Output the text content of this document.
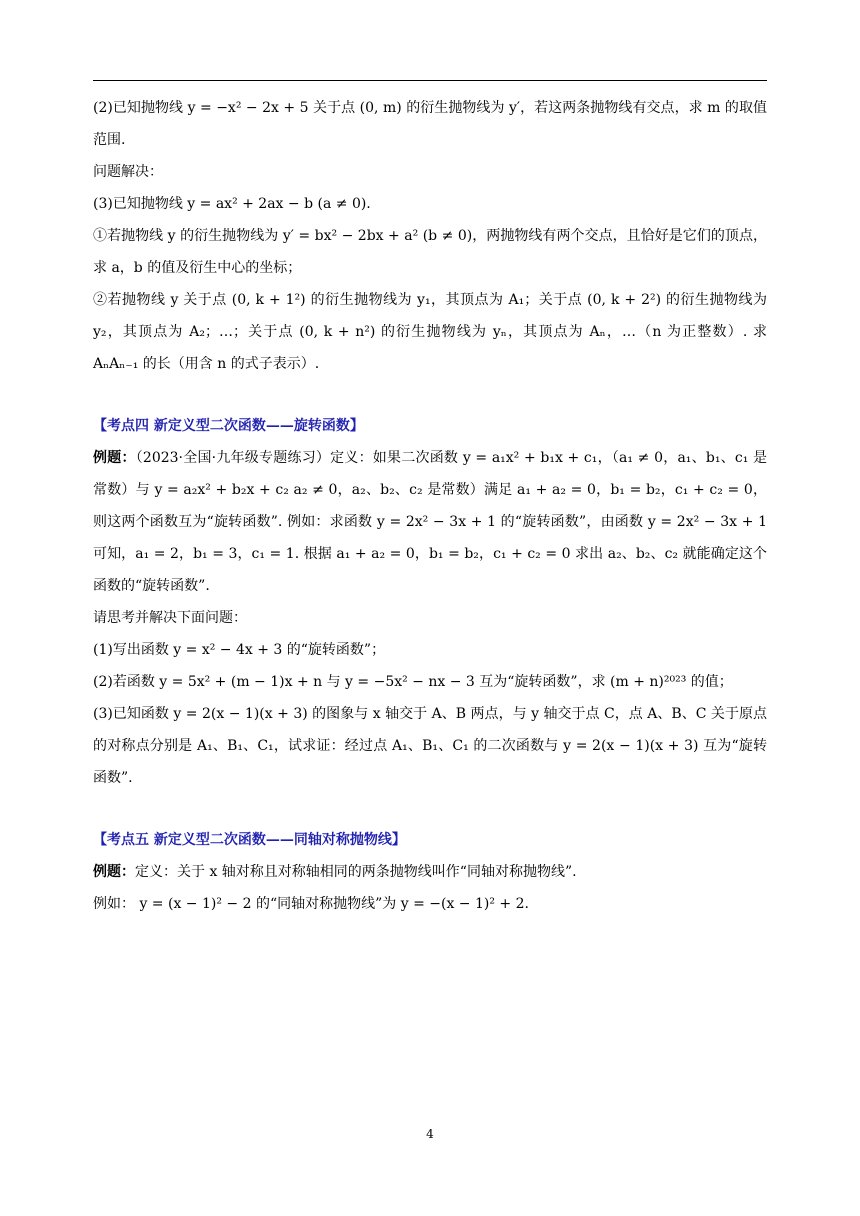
(2)已知抛物线 y = −x² − 2x + 5 关于点 (0, m) 的衍生抛物线为 y′，若这两条抛物线有交点，求 m 的取值范围.

问题解决：

(3)已知抛物线 y = ax² + 2ax − b (a ≠ 0).

①若抛物线 y 的衍生抛物线为 y′ = bx² − 2bx + a² (b ≠ 0)，两抛物线有两个交点，且恰好是它们的顶点，求 a，b 的值及衍生中心的坐标；

②若抛物线 y 关于点 (0, k + 1²) 的衍生抛物线为 y₁，其顶点为 A₁；关于点 (0, k + 2²) 的衍生抛物线为 y₂，其顶点为 A₂；…；关于点 (0, k + n²) 的衍生抛物线为 yₙ，其顶点为 Aₙ，…（n 为正整数）. 求 AₙAₙ₋₁ 的长（用含 n 的式子表示）.

【考点四 新定义型二次函数——旋转函数】

例题：（2023·全国·九年级专题练习）定义：如果二次函数 y = a₁x² + b₁x + c₁，（a₁ ≠ 0，a₁、b₁、c₁ 是常数）与 y = a₂x² + b₂x + c₂ a₂ ≠ 0，a₂、b₂、c₂ 是常数）满足 a₁ + a₂ = 0，b₁ = b₂，c₁ + c₂ = 0，则这两个函数互为“旋转函数”. 例如：求函数 y = 2x² − 3x + 1 的“旋转函数”，由函数 y = 2x² − 3x + 1 可知，a₁ = 2，b₁ = 3，c₁ = 1. 根据 a₁ + a₂ = 0，b₁ = b₂，c₁ + c₂ = 0 求出 a₂、b₂、c₂ 就能确定这个函数的“旋转函数”.

请思考并解决下面问题：

(1)写出函数 y = x² − 4x + 3 的“旋转函数”；

(2)若函数 y = 5x² + (m − 1)x + n 与 y = −5x² − nx − 3 互为“旋转函数”，求 (m + n)²⁰²³ 的值；

(3)已知函数 y = 2(x − 1)(x + 3) 的图象与 x 轴交于 A、B 两点，与 y 轴交于点 C，点 A、B、C 关于原点的对称点分别是 A₁、B₁、C₁，试求证：经过点 A₁、B₁、C₁ 的二次函数与 y = 2(x − 1)(x + 3) 互为“旋转函数”.

【考点五 新定义型二次函数——同轴对称抛物线】

例题：定义：关于 x 轴对称且对称轴相同的两条抛物线叫作“同轴对称抛物线”.

例如： y = (x − 1)² − 2 的“同轴对称抛物线”为 y = −(x − 1)² + 2.

4
